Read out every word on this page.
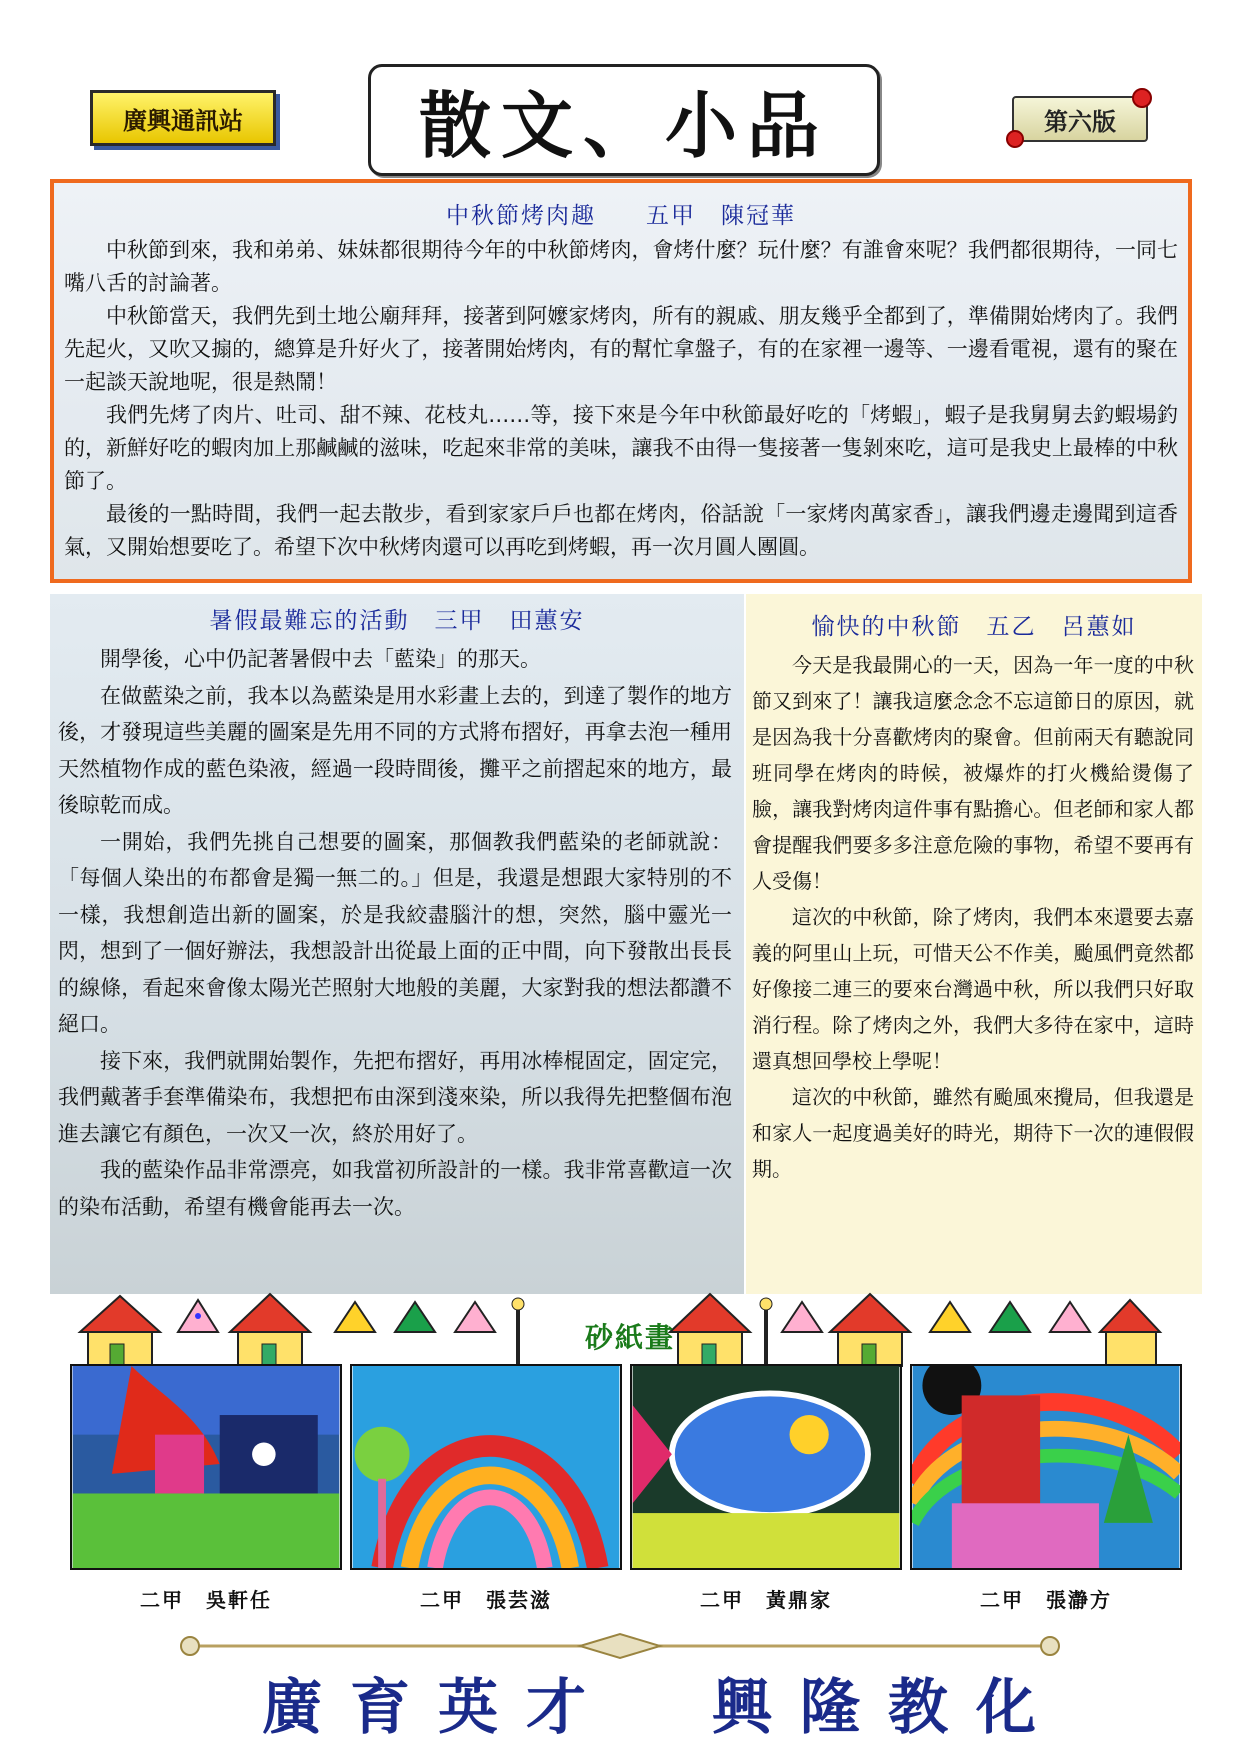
廣興通訊站	散文、小品	第六版
中秋節烤肉趣　　五甲　陳冠華

中秋節到來，我和弟弟、妹妹都很期待今年的中秋節烤肉，會烤什麼？玩什麼？有誰會來呢？我們都很期待，一同七嘴八舌的討論著。

中秋節當天，我們先到土地公廟拜拜，接著到阿嬤家烤肉，所有的親戚、朋友幾乎全都到了，準備開始烤肉了。我們先起火，又吹又搧的，總算是升好火了，接著開始烤肉，有的幫忙拿盤子，有的在家裡一邊等、一邊看電視，還有的聚在一起談天說地呢，很是熱鬧！

我們先烤了肉片、吐司、甜不辣、花枝丸……等，接下來是今年中秋節最好吃的「烤蝦」，蝦子是我舅舅去釣蝦場釣的，新鮮好吃的蝦肉加上那鹹鹹的滋味，吃起來非常的美味，讓我不由得一隻接著一隻剝來吃，這可是我史上最棒的中秋節了。

最後的一點時間，我們一起去散步，看到家家戶戶也都在烤肉，俗話說「一家烤肉萬家香」，讓我們邊走邊聞到這香氣，又開始想要吃了。希望下次中秋烤肉還可以再吃到烤蝦，再一次月圓人團圓。

暑假最難忘的活動　三甲　田蕙安

開學後，心中仍記著暑假中去「藍染」的那天。

在做藍染之前，我本以為藍染是用水彩畫上去的，到達了製作的地方後，才發現這些美麗的圖案是先用不同的方式將布摺好，再拿去泡一種用天然植物作成的藍色染液，經過一段時間後，攤平之前摺起來的地方，最後晾乾而成。

一開始，我們先挑自己想要的圖案，那個教我們藍染的老師就說：「每個人染出的布都會是獨一無二的。」但是，我還是想跟大家特別的不一樣，我想創造出新的圖案，於是我絞盡腦汁的想，突然，腦中靈光一閃，想到了一個好辦法，我想設計出從最上面的正中間，向下發散出長長的線條，看起來會像太陽光芒照射大地般的美麗，大家對我的想法都讚不絕口。

接下來，我們就開始製作，先把布摺好，再用冰棒棍固定，固定完，我們戴著手套準備染布，我想把布由深到淺來染，所以我得先把整個布泡進去讓它有顏色，一次又一次，終於用好了。

我的藍染作品非常漂亮，如我當初所設計的一樣。我非常喜歡這一次的染布活動，希望有機會能再去一次。

愉快的中秋節　五乙　呂蕙如

今天是我最開心的一天，因為一年一度的中秋節又到來了！讓我這麼念念不忘這節日的原因，就是因為我十分喜歡烤肉的聚會。但前兩天有聽說同班同學在烤肉的時候，被爆炸的打火機給燙傷了臉，讓我對烤肉這件事有點擔心。但老師和家人都會提醒我們要多多注意危險的事物，希望不要再有人受傷！

這次的中秋節，除了烤肉，我們本來還要去嘉義的阿里山上玩，可惜天公不作美，颱風們竟然都好像接二連三的要來台灣過中秋，所以我們只好取消行程。除了烤肉之外，我們大多待在家中，這時還真想回學校上學呢！

這次的中秋節，雖然有颱風來攪局，但我還是和家人一起度過美好的時光，期待下一次的連假假期。

砂紙畫
二甲　吳軒任	二甲　張芸滋	二甲　黃鼎家	二甲　張瀞方
廣育英才 興隆教化
